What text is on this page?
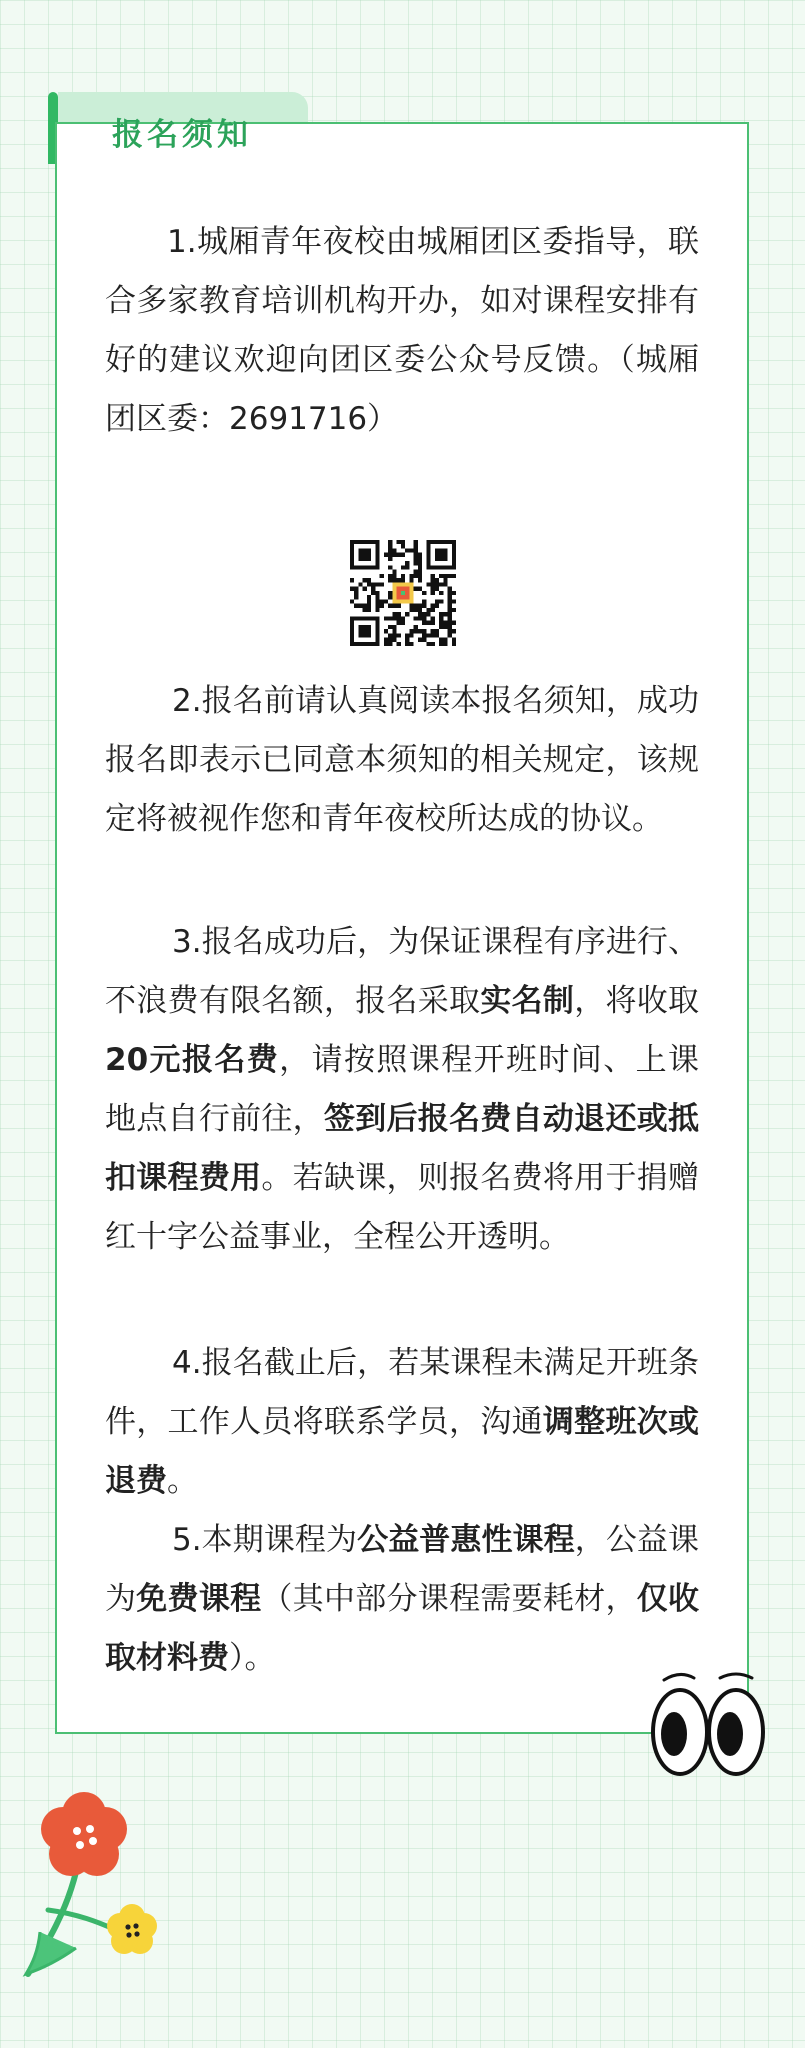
报名须知

1.城厢青年夜校由城厢团区委指导，联合多家教育培训机构开办，如对课程安排有好的建议欢迎向团区委公众号反馈。（城厢团区委：2691716）

2.报名前请认真阅读本报名须知，成功报名即表示已同意本须知的相关规定，该规定将被视作您和青年夜校所达成的协议。

3.报名成功后，为保证课程有序进行、不浪费有限名额，报名采取实名制，将收取20元报名费，请按照课程开班时间、上课地点自行前往，签到后报名费自动退还或抵扣课程费用。若缺课，则报名费将用于捐赠红十字公益事业，全程公开透明。

4.报名截止后，若某课程未满足开班条件，工作人员将联系学员，沟通调整班次或退费。

5.本期课程为公益普惠性课程，公益课为免费课程（其中部分课程需要耗材，仅收取材料费）。
